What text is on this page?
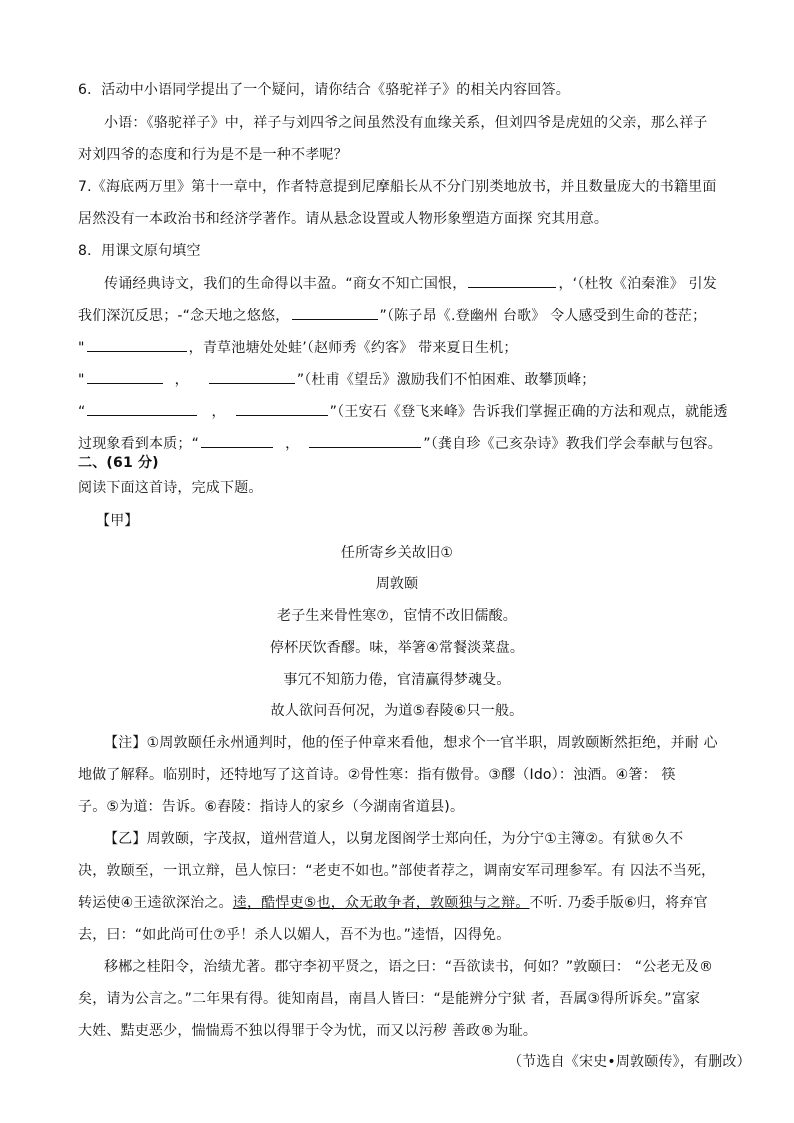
6．活动中小语同学提出了一个疑问，请你结合《骆驼祥子》的相关内容回答。
小语：《骆驼祥子》中，祥子与刘四爷之间虽然没有血缘关系，但刘四爷是虎妞的父亲，那么祥子
对刘四爷的态度和行为是不是一种不孝呢？
7.《海底两万里》第十一章中，作者特意提到尼摩船长从不分门别类地放书，并且数量庞大的书籍里面
居然没有一本政治书和经济学著作。请从悬念设置或人物形象塑造方面探 究其用意。
8．用课文原句填空
传诵经典诗文，我们的生命得以丰盈。“商女不知亡国恨，	，‘（杜牧《泊秦淮》 引发
我们深沉反思；-“念天地之悠悠，	”（陈子昂《.登幽州 台歌》 令人感受到生命的苍茫；
"	，青草池塘处处蛙’（赵师秀《约客》 带来夏日生机；
"	，	”（杜甫《望岳》激励我们不怕困难、敢攀顶峰；
“	，	”（王安石《登飞来峰》告诉我们掌握正确的方法和观点，就能透
过现象看到本质；“	，	”（龚自珍《己亥杂诗》教我们学会奉献与包容。
二、(61 分)
阅读下面这首诗，完成下题。
【甲】
任所寄乡关故旧①
周敦颐
老子生来骨性寒⑦，宦情不改旧儒酸。
停杯厌饮香醪。味，举箸④常餐淡菜盘。
事冗不知筋力倦，官清赢得梦魂殳。
故人欲问吾何况，为道⑤舂陵⑥只一般。
【注】①周敦颐任永州通判时，他的侄子仲章来看他，想求个一官半职，周敦颐断然拒绝，并耐 心
地做了解释。临别时，还特地写了这首诗。②骨性寒：指有傲骨。③醪（Ido）：浊酒。④箸： 筷
子。⑤为道：告诉。⑥舂陵：指诗人的家乡（今湖南省道县)。
【乙】周敦颐，字茂叔，道州营道人，以舅龙图阁学士郑向任，为分宁①主簿②。有狱®久不
决，敦颐至，一讯立辩，邑人惊曰：“老吏不如也。”部使者荐之，调南安军司理参军。有 囚法不当死，
转运使④王逵欲深治之。逵，酷悍吏⑤也，众无敢争者，敦颐独与之辩。不听. 乃委手版⑥归，将弃官
去，曰：“如此尚可仕⑦乎！杀人以媚人，吾不为也。”逵悟，囚得免。
移郴之桂阳令，治绩尤著。郡守李初平贤之，语之曰：“吾欲读书，何如？”敦颐曰： “公老无及®
矣，请为公言之。”二年果有得。徙知南昌，南昌人皆曰：“是能辨分宁狱 者，吾属③得所诉矣。”富家
大姓、黠吏恶少，惴惴焉不独以得罪于令为忧，而又以污秽 善政®为耻。
（节选自《宋史•周敦颐传》，有删改）
